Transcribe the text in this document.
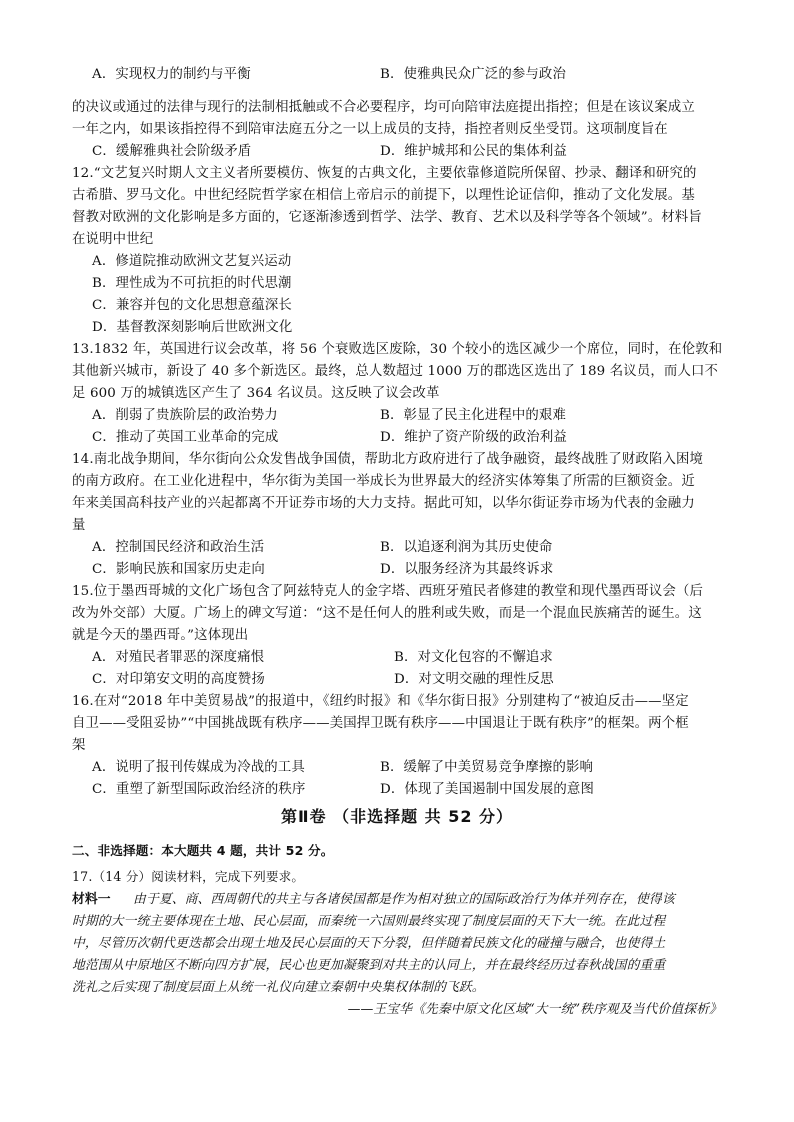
A．实现权力的制约与平衡	B．使雅典民众广泛的参与政治
的决议或通过的法律与现行的法制相抵触或不合必要程序，均可向陪审法庭提出指控；但是在该议案成立
一年之内，如果该指控得不到陪审法庭五分之一以上成员的支持，指控者则反坐受罚。这项制度旨在
C．缓解雅典社会阶级矛盾	D．维护城邦和公民的集体利益
12.“文艺复兴时期人文主义者所要模仿、恢复的古典文化，主要依靠修道院所保留、抄录、翻译和研究的
古希腊、罗马文化。中世纪经院哲学家在相信上帝启示的前提下，以理性论证信仰，推动了文化发展。基
督教对欧洲的文化影响是多方面的，它逐渐渗透到哲学、法学、教育、艺术以及科学等各个领域”。材料旨
在说明中世纪
A．修道院推动欧洲文艺复兴运动
B．理性成为不可抗拒的时代思潮
C．兼容并包的文化思想意蕴深长
D．基督教深刻影响后世欧洲文化
13.1832 年，英国进行议会改革，将 56 个衰败选区废除，30 个较小的选区减少一个席位，同时，在伦敦和
其他新兴城市，新设了 40 多个新选区。最终，总人数超过 1000 万的郡选区选出了 189 名议员，而人口不
足 600 万的城镇选区产生了 364 名议员。这反映了议会改革
A．削弱了贵族阶层的政治势力	B．彰显了民主化进程中的艰难
C．推动了英国工业革命的完成	D．维护了资产阶级的政治利益
14.南北战争期间，华尔街向公众发售战争国债，帮助北方政府进行了战争融资，最终战胜了财政陷入困境
的南方政府。在工业化进程中，华尔街为美国一举成长为世界最大的经济实体筹集了所需的巨额资金。近
年来美国高科技产业的兴起都离不开证券市场的大力支持。据此可知，以华尔街证券市场为代表的金融力
量
A．控制国民经济和政治生活	B．以追逐利润为其历史使命
C．影响民族和国家历史走向	D．以服务经济为其最终诉求
15.位于墨西哥城的文化广场包含了阿兹特克人的金字塔、西班牙殖民者修建的教堂和现代墨西哥议会（后
改为外交部）大厦。广场上的碑文写道：“这不是任何人的胜利或失败，而是一个混血民族痛苦的诞生。这
就是今天的墨西哥。”这体现出
A．对殖民者罪恶的深度痛恨	B．对文化包容的不懈追求
C．对印第安文明的高度赞扬	D．对文明交融的理性反思
16.在对“2018 年中美贸易战”的报道中，《纽约时报》和《华尔街日报》分别建构了“被迫反击——坚定
自卫——受阻妥协”“中国挑战既有秩序——美国捍卫既有秩序——中国退让于既有秩序”的框架。两个框
架
A．说明了报刊传媒成为冷战的工具	B．缓解了中美贸易竞争摩擦的影响
C．重塑了新型国际政治经济的秩序	D．体现了美国遏制中国发展的意图
第Ⅱ卷 （非选择题 共 52 分）
二、非选择题：本大题共 4 题，共计 52 分。
17.（14 分）阅读材料，完成下列要求。
材料一 由于夏、商、西周朝代的共主与各诸侯国都是作为相对独立的国际政治行为体并列存在，使得该
时期的大一统主要体现在土地、民心层面，而秦统一六国则最终实现了制度层面的天下大一统。在此过程
中，尽管历次朝代更迭都会出现土地及民心层面的天下分裂，但伴随着民族文化的碰撞与融合，也使得土
地范围从中原地区不断向四方扩展，民心也更加凝聚到对共主的认同上，并在最终经历过春秋战国的重重
洗礼之后实现了制度层面上从统一礼仪向建立秦朝中央集权体制的飞跃。
——王宝华《先秦中原文化区域“大一统”秩序观及当代价值探析》
